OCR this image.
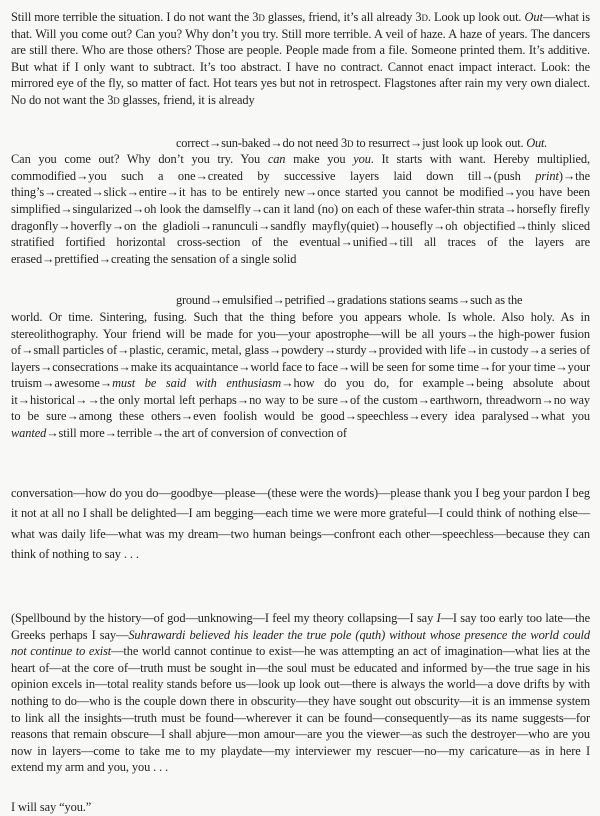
Still more terrible the situation. I do not want the 3d glasses, friend, it’s all already 3d. Look up look out. Out—what is that. Will you come out? Can you? Why don’t you try. Still more terrible. A veil of haze. A haze of years. The dancers are still there. Who are those others? Those are people. People made from a file. Someone printed them. It’s additive. But what if I only want to subtract. It’s too abstract. I have no contract. Cannot enact impact interact. Look: the mirrored eye of the fly, so matter of fact. Hot tears yes but not in retrospect. Flagstones after rain my very own dialect. No do not want the 3d glasses, friend, it is already

correct→sun-baked→do not need 3d to resurrect→just look up look out. Out.

Can you come out? Why don’t you try. You can make you you. It starts with want. Hereby multiplied, commodified→you such a one→created by successive layers laid down till→(push print)→the thing’s→created→slick→entire→it has to be entirely new→once started you cannot be modified→you have been simplified→singularized→oh look the damselfly→can it land (no) on each of these wafer-thin strata→horsefly firefly dragonfly→hoverfly→on the gladioli→ranunculi→sandfly mayfly(quiet)→housefly→oh objectified→thinly sliced stratified fortified horizontal cross-section of the eventual→unified→till all traces of the layers are erased→prettified→creating the sensation of a single solid

ground→emulsified→petrified→gradations stations seams→such as the

world. Or time. Sintering, fusing. Such that the thing before you appears whole. Is whole. Also holy. As in stereolithography. Your friend will be made for you—your apostrophe—will be all yours→the high-power fusion of→small particles of→plastic, ceramic, metal, glass→powdery→sturdy→provided with life→in custody→a series of layers→consecrations→make its acquaintance→world face to face→will be seen for some time→for your time→your truism→awesome→must be said with enthusiasm→how do you do, for example→being absolute about it→historical→→the only mortal left perhaps→no way to be sure→of the custom→earthworn, threadworn→no way to be sure→among these others→even foolish would be good→speechless→every idea paralysed→what you wanted→still more→terrible→the art of conversion of convection of

conversation—how do you do—goodbye—please—(these were the words)—please thank you I beg your pardon I beg it not at all no I shall be delighted—I am begging—each time we were more grateful—I could think of nothing else—what was daily life—what was my dream—two human beings—confront each other—speechless—because they can think of nothing to say . . .

(Spellbound by the history—of god—unknowing—I feel my theory collapsing—I say I—I say too early too late—the Greeks perhaps I say—Suhrawardi believed his leader the true pole (quth) without whose presence the world could not continue to exist—the world cannot continue to exist—he was attempting an act of imagination—what lies at the heart of—at the core of—truth must be sought in—the soul must be educated and informed by—the true sage in his opinion excels in—total reality stands before us—look up look out—there is always the world—a dove drifts by with nothing to do—who is the couple down there in obscurity—they have sought out obscurity—it is an immense system to link all the insights—truth must be found—wherever it can be found—consequently—as its name suggests—for reasons that remain obscure—I shall abjure—mon amour—are you the viewer—as such the destroyer—who are you now in layers—come to take me to my playdate—my interviewer my rescuer—no—my caricature—as in here I extend my arm and you, you . . .

I will say “you.”
